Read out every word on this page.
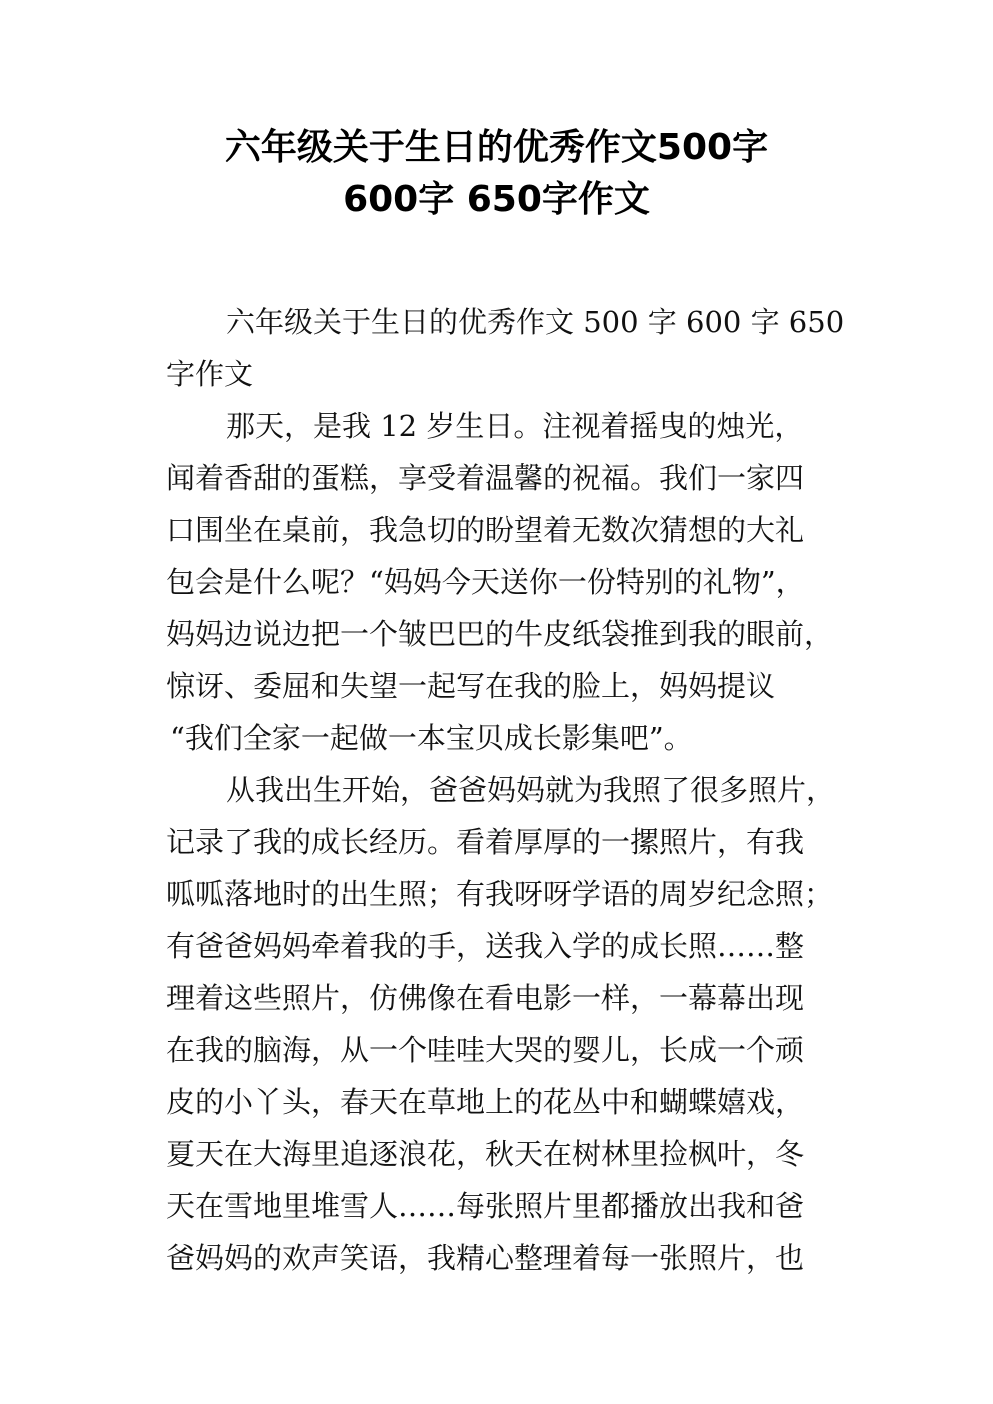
六年级关于生日的优秀作文500字
600字 650字作文
六年级关于生日的优秀作文 500 字 600 字 650
字作文
那天，是我 12 岁生日。注视着摇曳的烛光，
闻着香甜的蛋糕，享受着温馨的祝福。我们一家四
口围坐在桌前，我急切的盼望着无数次猜想的大礼
包会是什么呢？“妈妈今天送你一份特别的礼物”，
妈妈边说边把一个皱巴巴的牛皮纸袋推到我的眼前，
惊讶、委屈和失望一起写在我的脸上，妈妈提议
“我们全家一起做一本宝贝成长影集吧”。
从我出生开始，爸爸妈妈就为我照了很多照片，
记录了我的成长经历。看着厚厚的一摞照片，有我
呱呱落地时的出生照；有我呀呀学语的周岁纪念照；
有爸爸妈妈牵着我的手，送我入学的成长照……整
理着这些照片，仿佛像在看电影一样，一幕幕出现
在我的脑海，从一个哇哇大哭的婴儿，长成一个顽
皮的小丫头，春天在草地上的花丛中和蝴蝶嬉戏，
夏天在大海里追逐浪花，秋天在树林里捡枫叶，冬
天在雪地里堆雪人……每张照片里都播放出我和爸
爸妈妈的欢声笑语，我精心整理着每一张照片，也
